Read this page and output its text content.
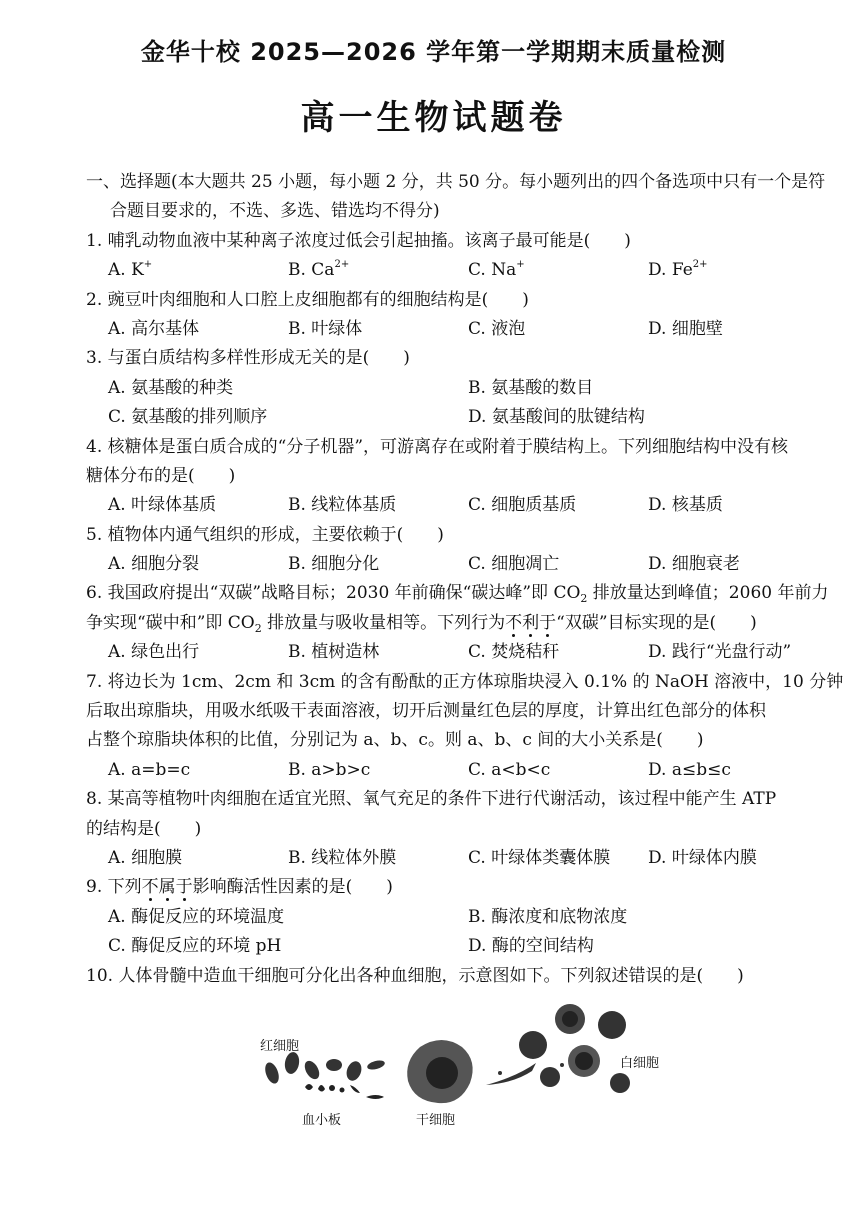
金华十校 2025—2026 学年第一学期期末质量检测
高一生物试题卷
一、选择题(本大题共 25 小题，每小题 2 分，共 50 分。每小题列出的四个备选项中只有一个是符
合题目要求的，不选、多选、错选均不得分)
1. 哺乳动物血液中某种离子浓度过低会引起抽搐。该离子最可能是(　　)
A. K+	B. $Ca^{2+}$	C. Na+	D. $Fe^{2+}$
2. 豌豆叶肉细胞和人口腔上皮细胞都有的细胞结构是(　　)
A. 高尔基体	B. 叶绿体	C. 液泡	D. 细胞壁
3. 与蛋白质结构多样性形成无关的是(　　)
A. 氨基酸的种类	B. 氨基酸的数目
C. 氨基酸的排列顺序	D. 氨基酸间的肽键结构
4. 核糖体是蛋白质合成的“分子机器”，可游离存在或附着于膜结构上。下列细胞结构中没有核
糖体分布的是(　　)
A. 叶绿体基质	B. 线粒体基质	C. 细胞质基质	D. 核基质
5. 植物体内通气组织的形成，主要依赖于(　　)
A. 细胞分裂	B. 细胞分化	C. 细胞凋亡	D. 细胞衰老
6. 我国政府提出“双碳”战略目标；2030 年前确保“碳达峰”即 $CO_2$ 排放量达到峰值；2060 年前力
争实现“碳中和”即 $CO_2$ 排放量与吸收量相等。下列行为不利于“双碳”目标实现的是(　　)
A. 绿色出行	B. 植树造林	C. 焚烧秸秆	D. 践行“光盘行动”
7. 将边长为 1cm、2cm 和 3cm 的含有酚酞的正方体琼脂块浸入 0.1% 的 NaOH 溶液中，10 分钟
后取出琼脂块，用吸水纸吸干表面溶液，切开后测量红色层的厚度，计算出红色部分的体积
占整个琼脂块体积的比值，分别记为 a、b、c。则 a、b、c 间的大小关系是(　　)
A. a=b=c	B. a>b>c	C. a<b<c	D. a≤b≤c
8. 某高等植物叶肉细胞在适宜光照、氧气充足的条件下进行代谢活动，该过程中能产生 ATP
的结构是(　　)
A. 细胞膜	B. 线粒体外膜	C. 叶绿体类囊体膜	D. 叶绿体内膜
9. 下列不属于影响酶活性因素的是(　　)
A. 酶促反应的环境温度	B. 酶浓度和底物浓度
C. 酶促反应的环境 pH	D. 酶的空间结构
10. 人体骨髓中造血干细胞可分化出各种血细胞，示意图如下。下列叙述错误的是(　　)
红细胞
白细胞
血小板	干细胞
